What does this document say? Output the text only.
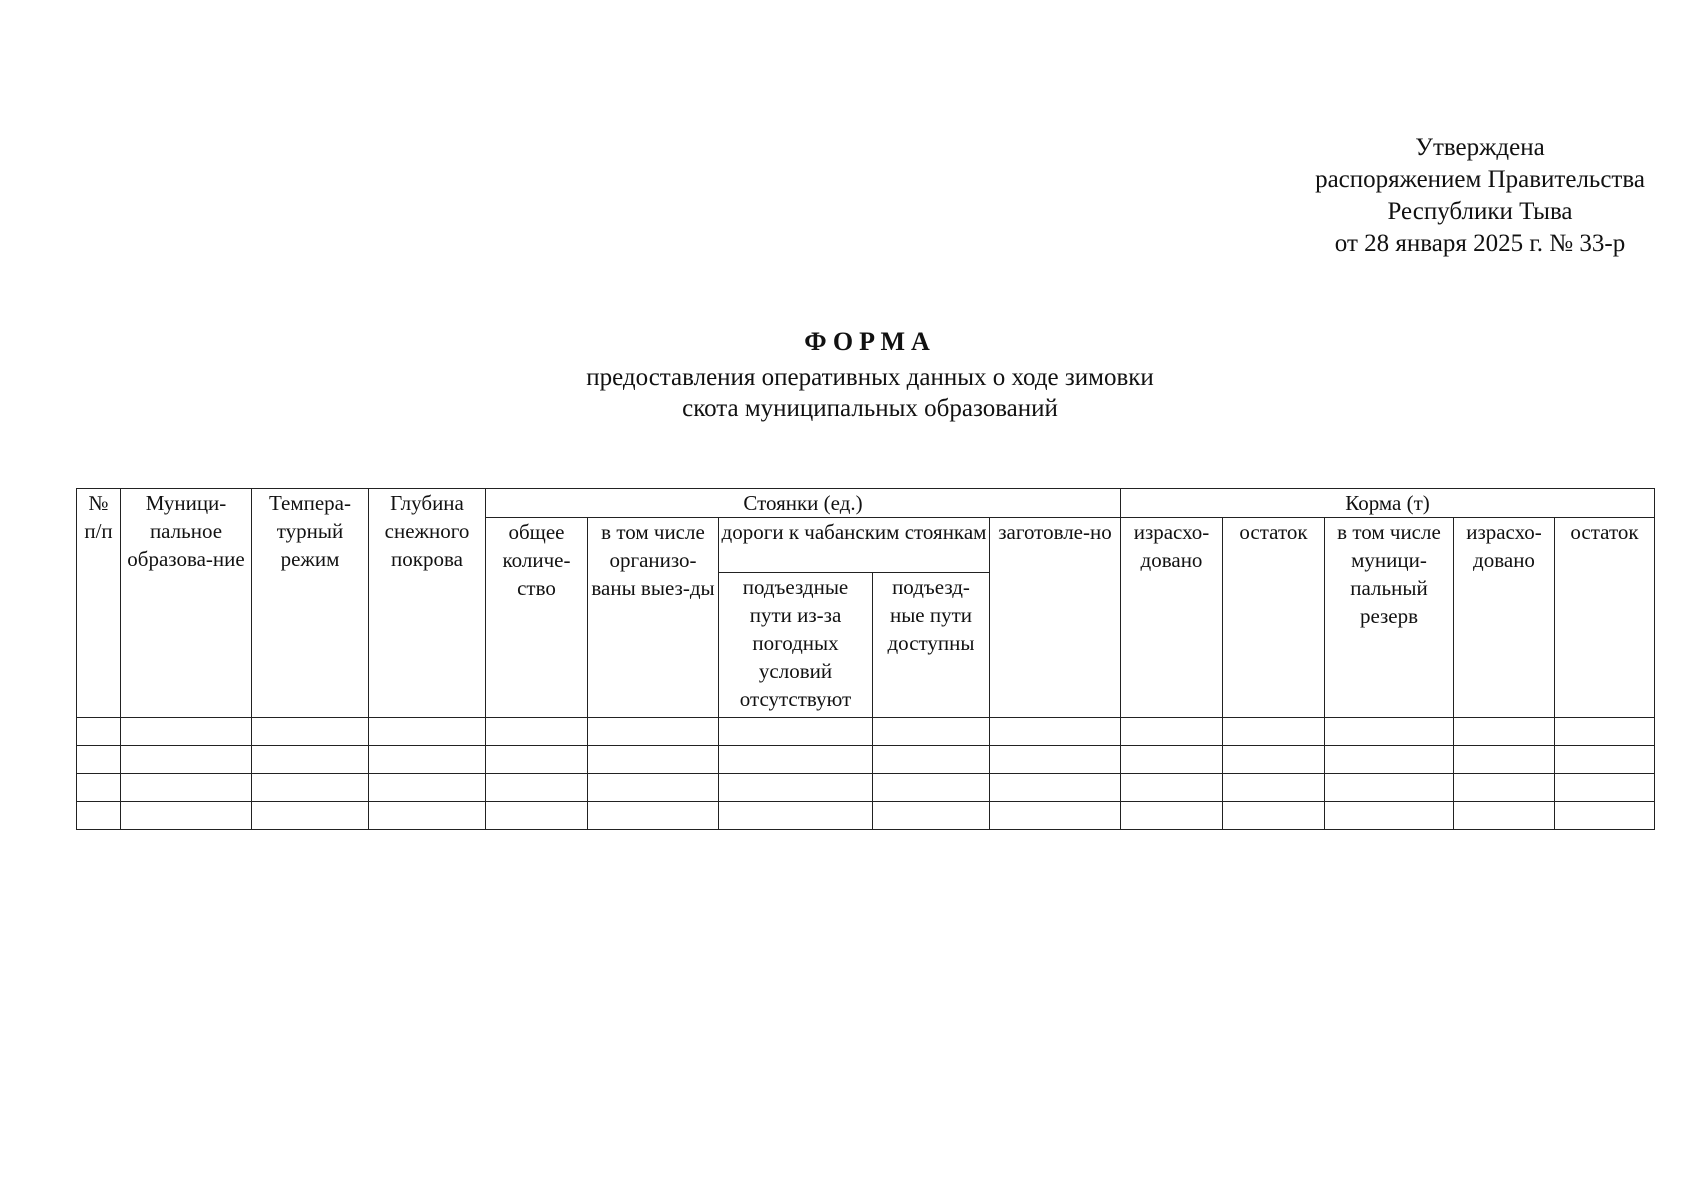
Утверждена
распоряжением Правительства
Республики Тыва
от 28 января 2025 г. № 33-р
ФОРМА
предоставления оперативных данных о ходе зимовки
скота муниципальных образований
№ п/п	Муници-пальное образова-ние	Темпера-турный режим	Глубина снежного покрова	Стоянки (ед.)					Корма (т)				

				общее количе-ство	в том числе организо-ваны выез-ды	дороги к чабанским стоянкам		заготовле-но	израсхо-довано	остаток	в том числе муници-пальный резерв	израсхо-довано	остаток

						подъездные пути из-за погодных условий отсутствуют	подъезд-ные пути доступны						
